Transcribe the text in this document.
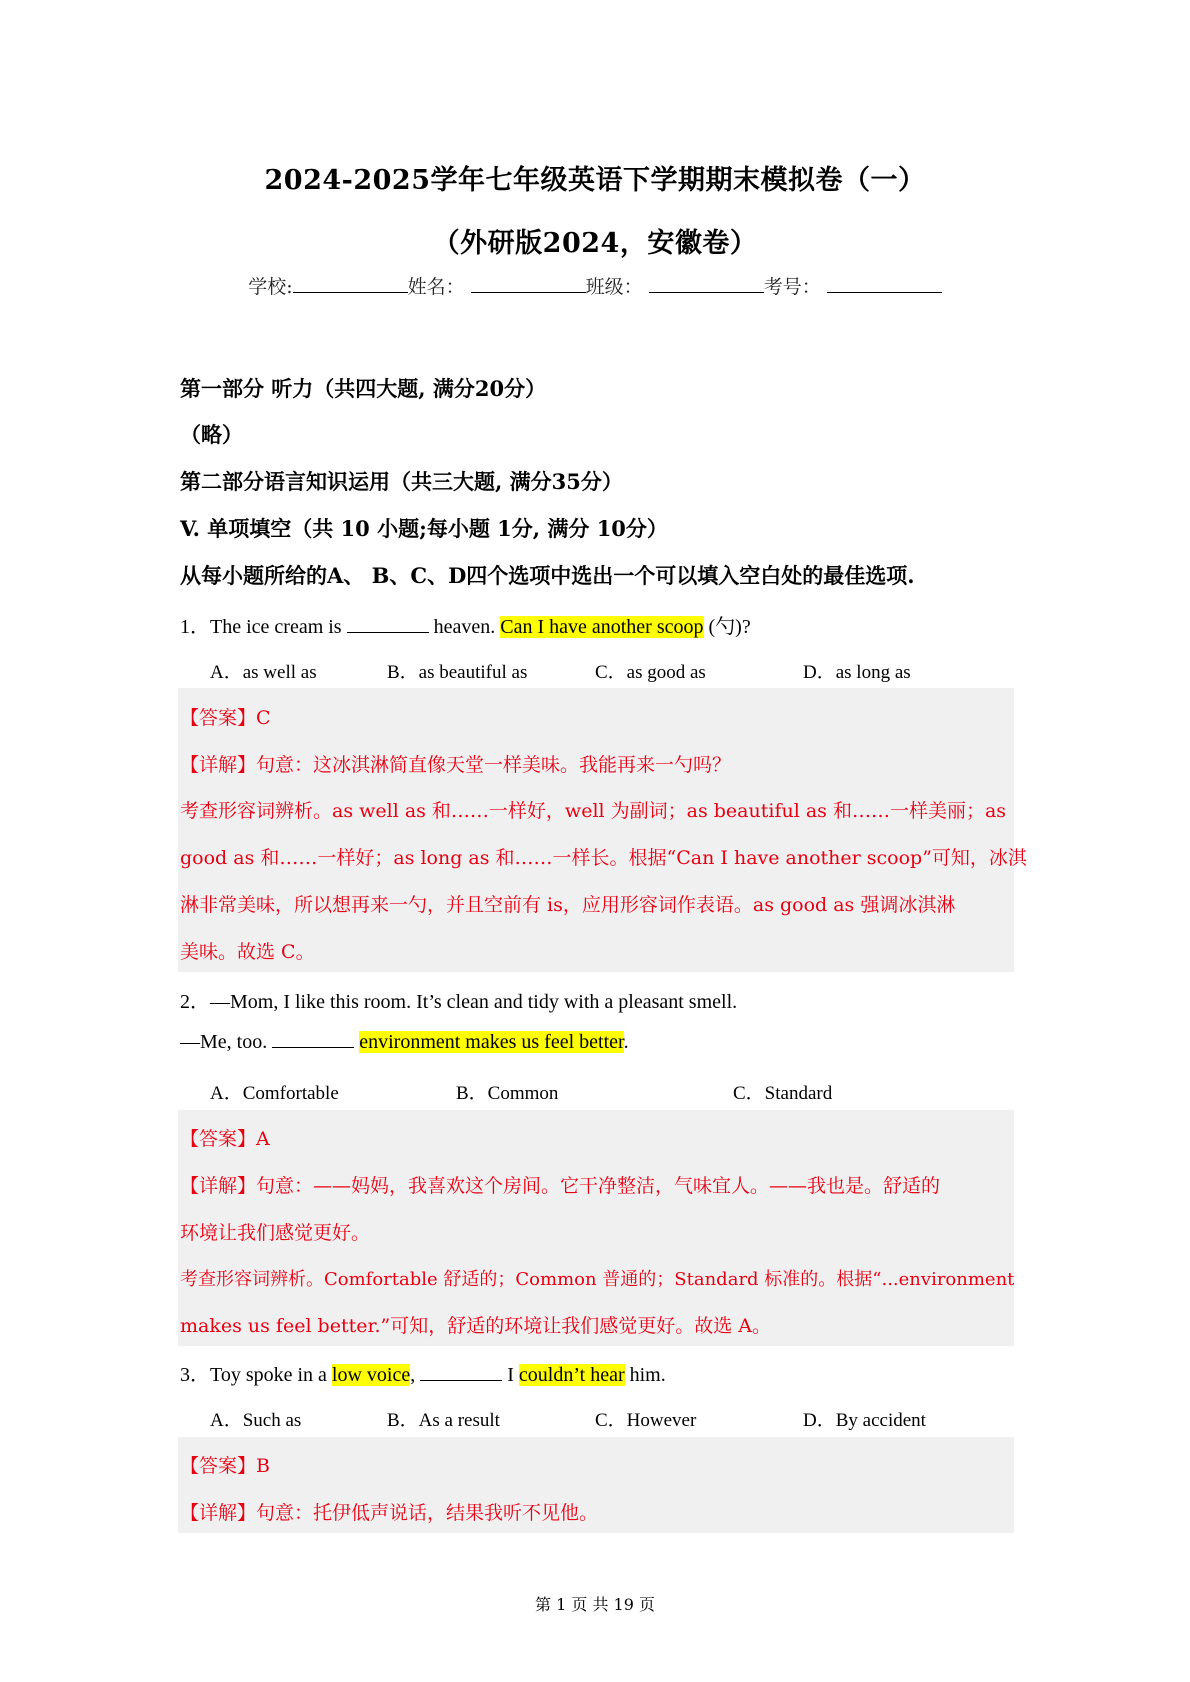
2024-2025学年七年级英语下学期期末模拟卷（一）
（外研版2024，安徽卷）
学校:	姓名：	班级：	考号：
第一部分 听力（共四大题, 满分20分）
（略）
第二部分语言知识运用（共三大题, 满分35分）
V. 单项填空（共 10 小题;每小题 1分, 满分 10分）
从每小题所给的A、 B、C、D四个选项中选出一个可以填入空白处的最佳选项.
1．The ice cream is	heaven. Can I have another scoop (勺)?
A．as well as	B．as beautiful as	C．as good as	D．as long as
【答案】C
【详解】句意：这冰淇淋简直像天堂一样美味。我能再来一勺吗？
考查形容词辨析。as well as 和……一样好，well 为副词；as beautiful as 和……一样美丽；as
good as 和……一样好；as long as 和……一样长。根据“Can I have another scoop”可知，冰淇
淋非常美味，所以想再来一勺，并且空前有 is，应用形容词作表语。as good as 强调冰淇淋
美味。故选 C。
2．—Mom, I like this room. It’s clean and tidy with a pleasant smell.
—Me, too.	environment makes us feel better.
A．Comfortable	B．Common	C．Standard
【答案】A
【详解】句意：——妈妈，我喜欢这个房间。它干净整洁，气味宜人。——我也是。舒适的
环境让我们感觉更好。
考查形容词辨析。Comfortable 舒适的；Common 普通的；Standard 标准的。根据“...environment
makes us feel better.”可知，舒适的环境让我们感觉更好。故选 A。
3．Toy spoke in a low voice,	I couldn’t hear him.
A．Such as	B．As a result	C．However	D．By accident
【答案】B
【详解】句意：托伊低声说话，结果我听不见他。
第 1 页 共 19 页
